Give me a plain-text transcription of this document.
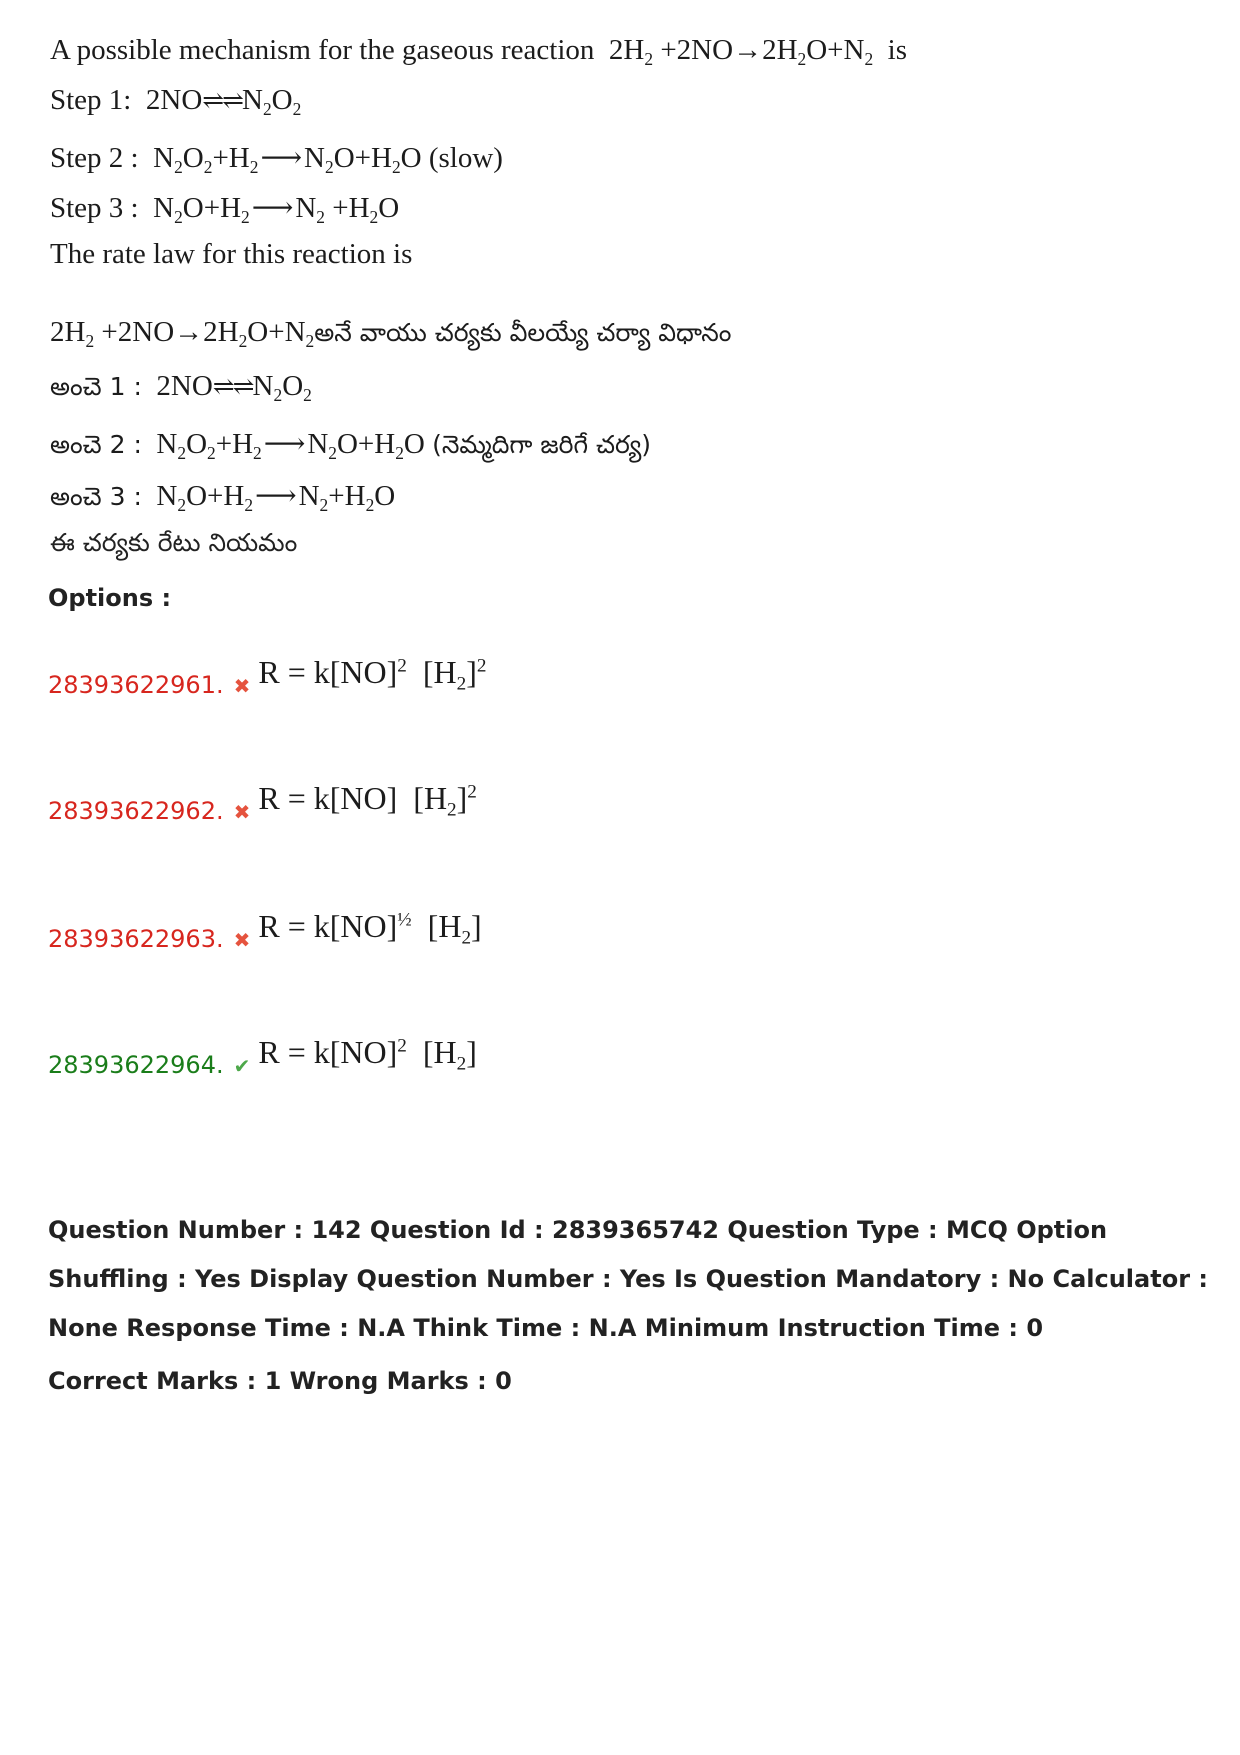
A possible mechanism for the gaseous reaction  $2H_2 +2NO\to 2H_2O+N_2$ is
Step 1:  $2NO\rightleftharpoons\rightleftharpoons N_2O_2$
Step 2 :  $N_2O_2+H_2⟶N_2O+H_2O$ (slow)
Step 3 :  $N_2O+H_2⟶N_2 +H_2O$
The rate law for this reaction is
$2H_2$ $+2NO\to 2H_2O+N_2అనే$ వాయు చర్యకు వీలయ్యే చర్యా విధానం
అంచె 1 :  $2NO\rightleftharpoons\rightleftharpoons N_2O_2$
అంచె 2 :  $N_2O_2+H_2⟶N_2O+H_2O$ (నెమ్మదిగా జరిగే చర్య)
అంచె 3 :  $N_2O+H_2⟶N_2+H_2O$
ఈ చర్యకు రేటు నియమం
Options :
28393622961. ✖ R = k[NO]$^2$  $[H_2]^2$
28393622962. ✖ R = k[NO]  $[H_2]^2$
28393622963. ✖ R = k[NO]$^{\frac{1}{2}}$  $[H_2]$
28393622964. ✔ R = k[NO]$^2$  $[H_2]$
Question Number : 142 Question Id : 2839365742 Question Type : MCQ Option Shuffling : Yes Display Question Number : Yes Is Question Mandatory : No Calculator : None Response Time : N.A Think Time : N.A Minimum Instruction Time : 0
Correct Marks : 1 Wrong Marks : 0
